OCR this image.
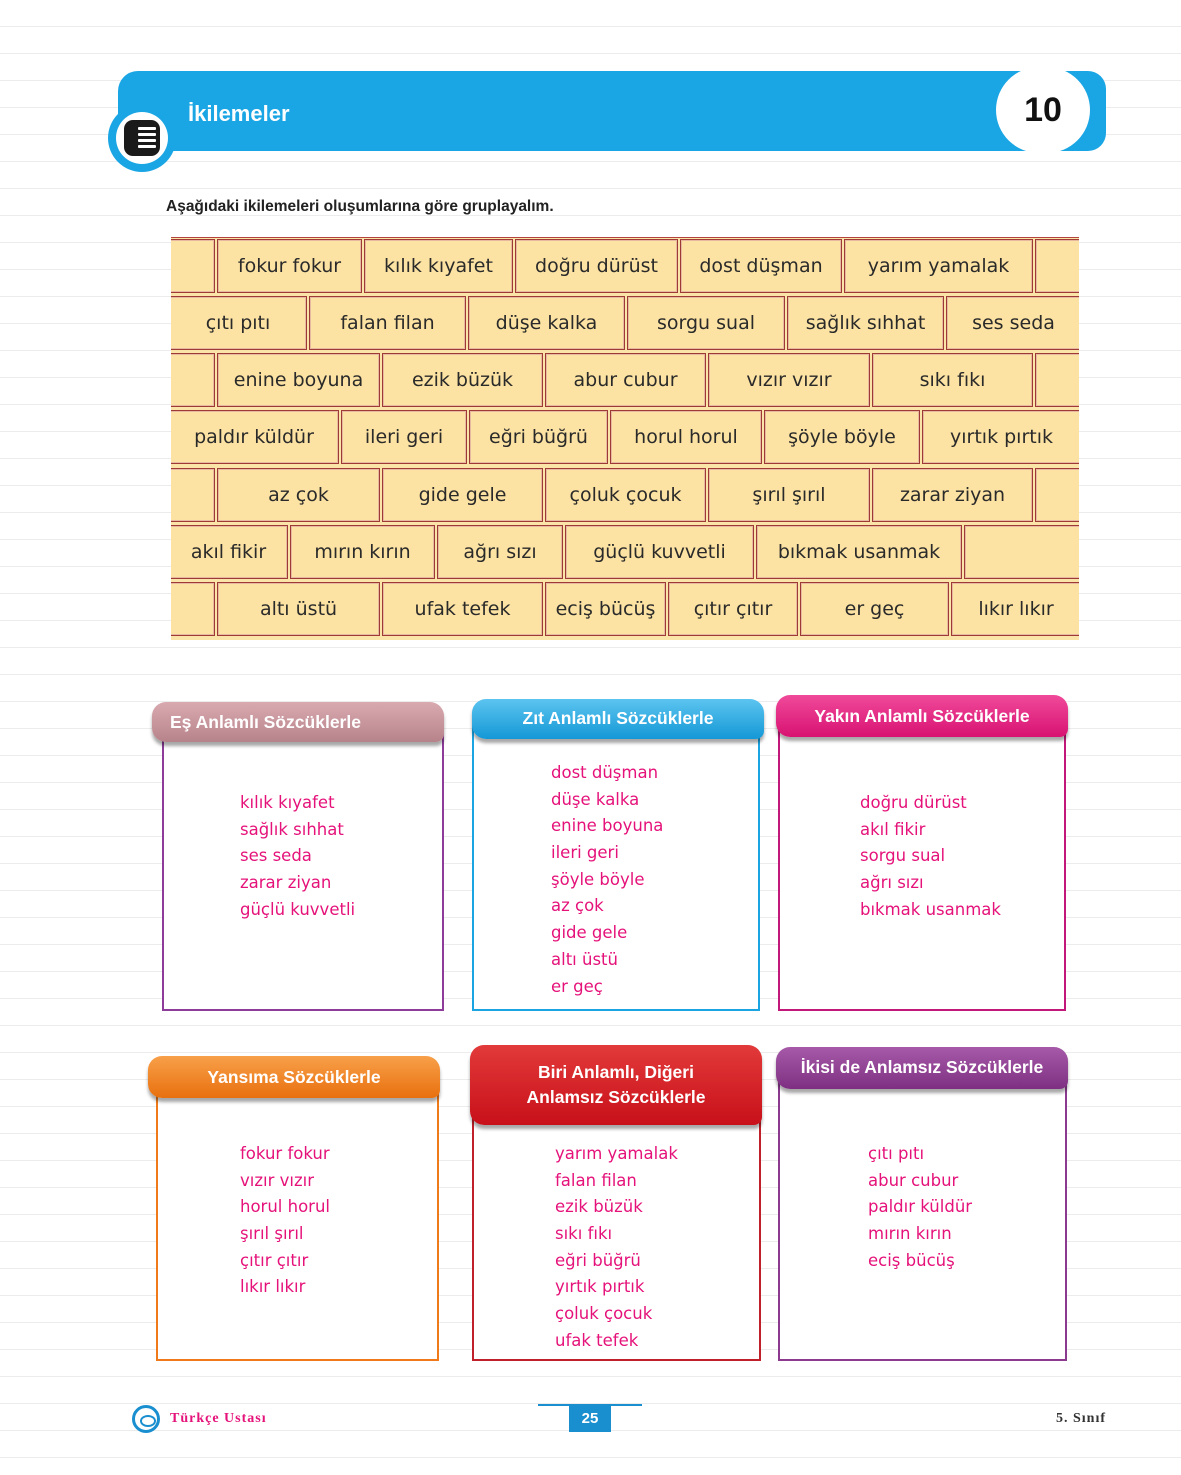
İkilemeler	10
Aşağıdaki ikilemeleri oluşumlarına göre gruplayalım.
fokur fokur	kılık kıyafet	doğru dürüst	dost düşman	yarım yamalak
çıtı pıtı	falan filan	düşe kalka	sorgu sual	sağlık sıhhat	ses seda
enine boyuna	ezik büzük	abur cubur	vızır vızır	sıkı fıkı
paldır küldür	ileri geri	eğri büğrü	horul horul	şöyle böyle	yırtık pırtık
az çok	gide gele	çoluk çocuk	şırıl şırıl	zarar ziyan
akıl fikir	mırın kırın	ağrı sızı	güçlü kuvvetli	bıkmak usanmak
altı üstü	ufak tefek	eciş bücüş	çıtır çıtır	er geç	lıkır lıkır
Eş Anlamlı Sözcüklerle
kılık kıyafet
sağlık sıhhat
ses seda
zarar ziyan
güçlü kuvvetli
Zıt Anlamlı Sözcüklerle
dost düşman
düşe kalka
enine boyuna
ileri geri
şöyle böyle
az çok
gide gele
altı üstü
er geç
Yakın Anlamlı Sözcüklerle
doğru dürüst
akıl fikir
sorgu sual
ağrı sızı
bıkmak usanmak
Yansıma Sözcüklerle
fokur fokur
vızır vızır
horul horul
şırıl şırıl
çıtır çıtır
lıkır lıkır
Biri Anlamlı, Diğeri
Anlamsız Sözcüklerle
yarım yamalak
falan filan
ezik büzük
sıkı fıkı
eğri büğrü
yırtık pırtık
çoluk çocuk
ufak tefek
İkisi de Anlamsız Sözcüklerle
çıtı pıtı
abur cubur
paldır küldür
mırın kırın
eciş bücüş
Türkçe Ustası	25	5. Sınıf
